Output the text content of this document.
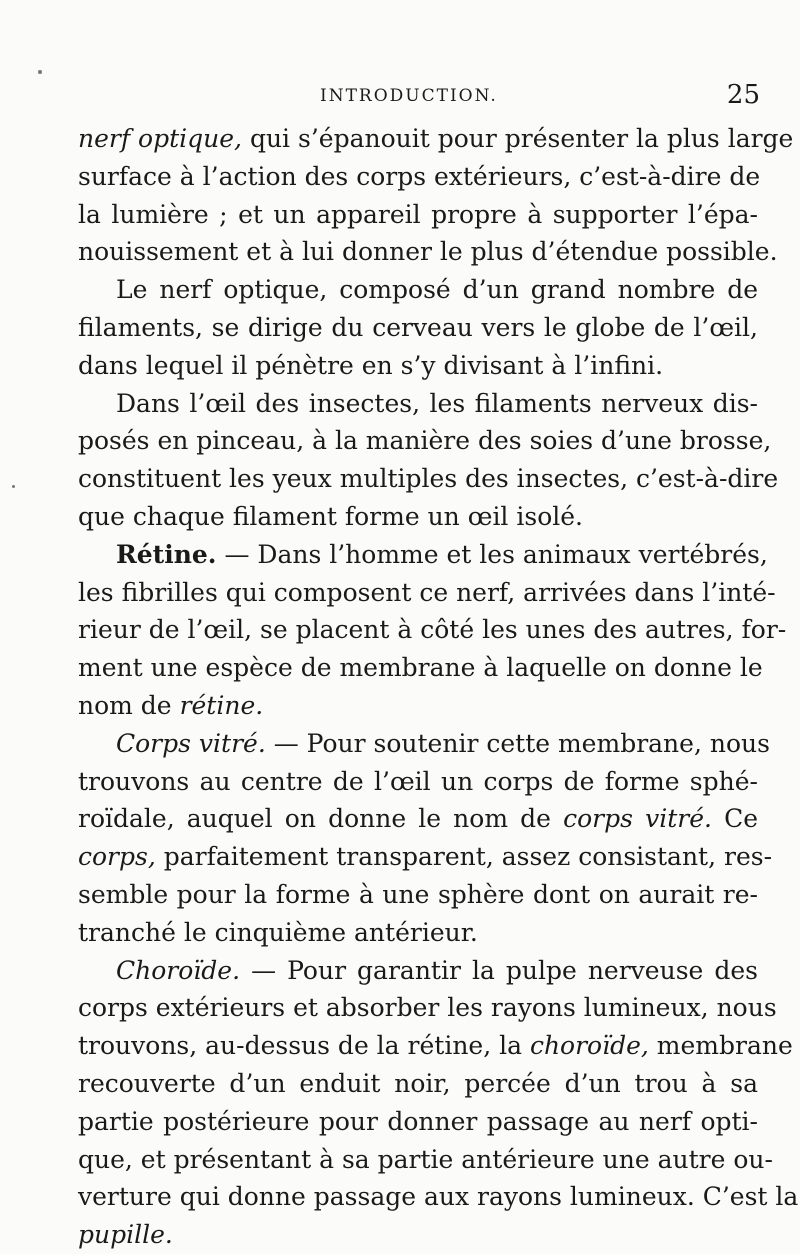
INTRODUCTION.	25
nerf optique, qui s’épanouit pour présenter la plus large
surface à l’action des corps extérieurs, c’est-à-dire de
la lumière ; et un appareil propre à supporter l’épa-
nouissement et à lui donner le plus d’étendue possible.
Le nerf optique, composé d’un grand nombre de
filaments, se dirige du cerveau vers le globe de l’œil,
dans lequel il pénètre en s’y divisant à l’infini.
Dans l’œil des insectes, les filaments nerveux dis-
posés en pinceau, à la manière des soies d’une brosse,
constituent les yeux multiples des insectes, c’est-à-dire
que chaque filament forme un œil isolé.
Rétine. — Dans l’homme et les animaux vertébrés,
les fibrilles qui composent ce nerf, arrivées dans l’inté-
rieur de l’œil, se placent à côté les unes des autres, for-
ment une espèce de membrane à laquelle on donne le
nom de rétine.
Corps vitré. — Pour soutenir cette membrane, nous
trouvons au centre de l’œil un corps de forme sphé-
roïdale, auquel on donne le nom de corps vitré. Ce
corps, parfaitement transparent, assez consistant, res-
semble pour la forme à une sphère dont on aurait re-
tranché le cinquième antérieur.
Choroïde. — Pour garantir la pulpe nerveuse des
corps extérieurs et absorber les rayons lumineux, nous
trouvons, au-dessus de la rétine, la choroïde, membrane
recouverte d’un enduit noir, percée d’un trou à sa
partie postérieure pour donner passage au nerf opti-
que, et présentant à sa partie antérieure une autre ou-
verture qui donne passage aux rayons lumineux. C’est la
pupille.
